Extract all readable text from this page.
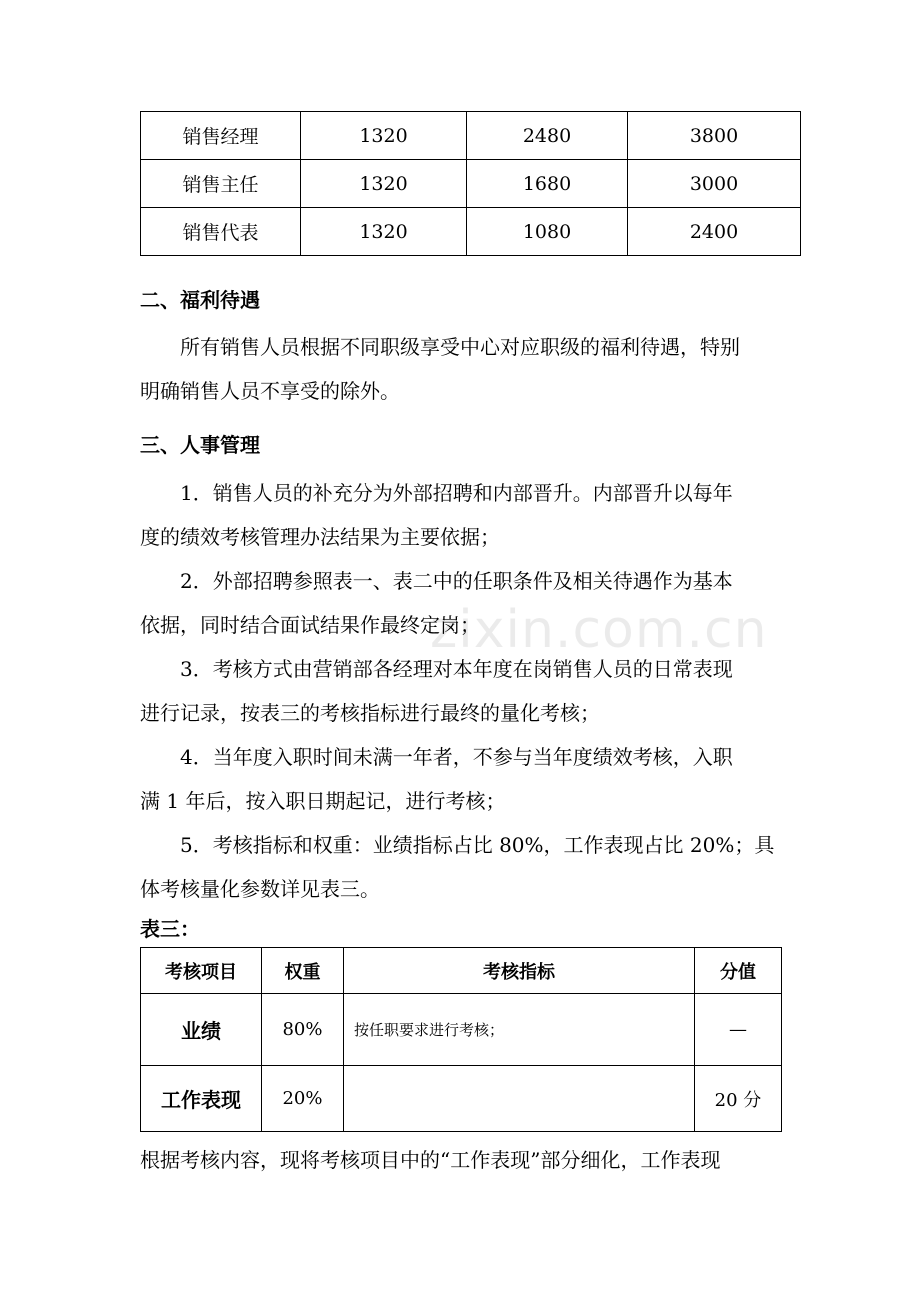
销售经理	1320	2480	3800
销售主任	1320	1680	3000
销售代表	1320	1080	2400
二、福利待遇
所有销售人员根据不同职级享受中心对应职级的福利待遇，特别
明确销售人员不享受的除外。
三、人事管理
1．销售人员的补充分为外部招聘和内部晋升。内部晋升以每年
度的绩效考核管理办法结果为主要依据；
2．外部招聘参照表一、表二中的任职条件及相关待遇作为基本
依据，同时结合面试结果作最终定岗；
3．考核方式由营销部各经理对本年度在岗销售人员的日常表现
进行记录，按表三的考核指标进行最终的量化考核；
4．当年度入职时间未满一年者，不参与当年度绩效考核，入职
满 1 年后，按入职日期起记，进行考核；
5．考核指标和权重：业绩指标占比 80%，工作表现占比 20%；具
体考核量化参数详见表三。
表三：
考核项目	权重	考核指标	分值
业绩	80%	按任职要求进行考核；	—
工作表现	20%		20 分
根据考核内容，现将考核项目中的“工作表现”部分细化，工作表现
zixin.com.cn
